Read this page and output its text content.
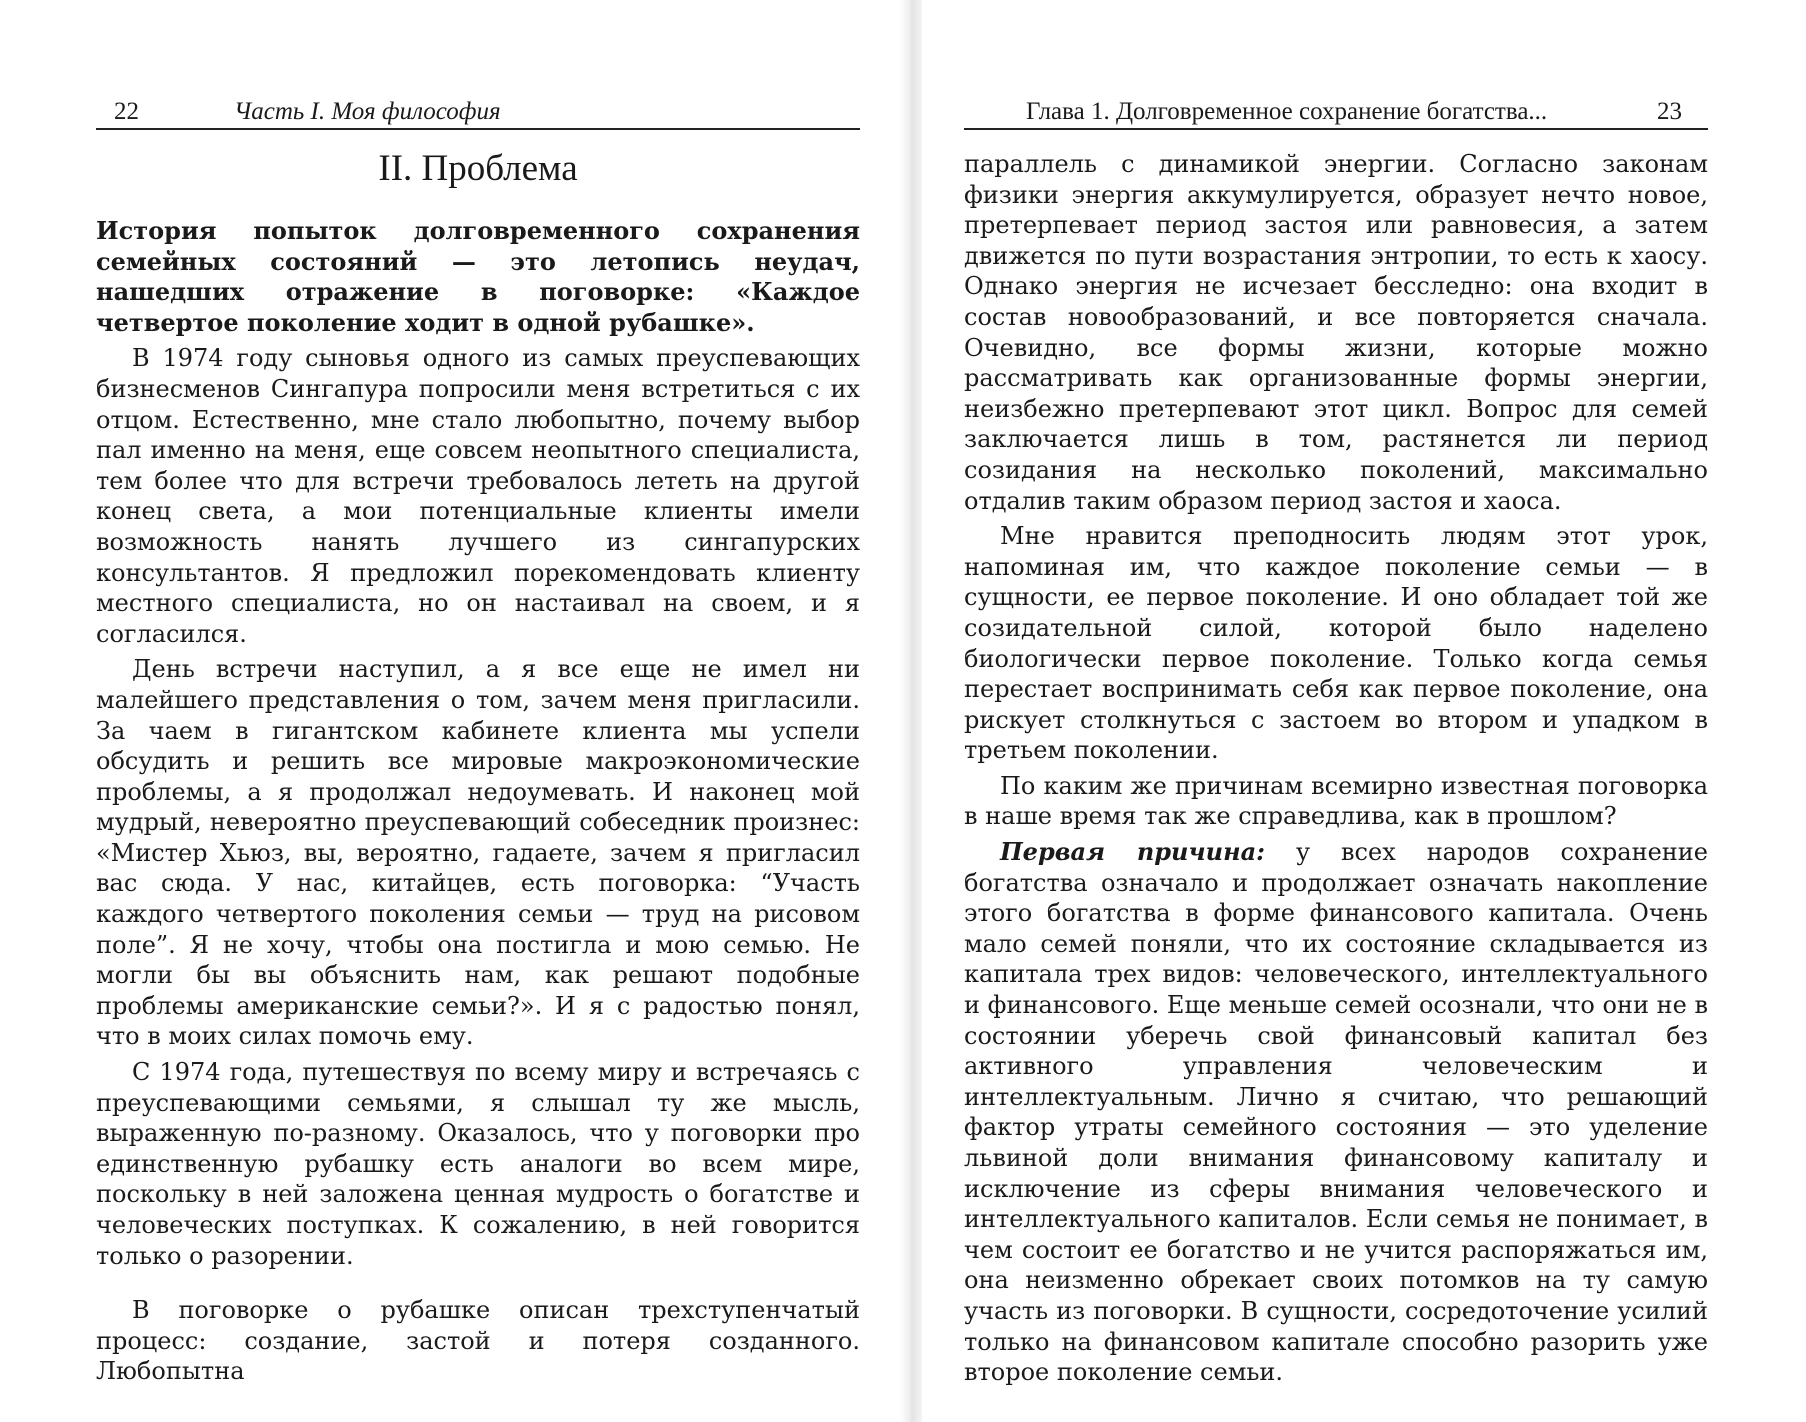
22	Часть I. Моя философия
II. Проблема
История попыток долговременного сохранения семейных состояний — это летопись неудач, нашедших отражение в поговорке: «Каждое четвертое поколение ходит в одной рубашке».

В 1974 году сыновья одного из самых преуспевающих бизнесменов Сингапура попросили меня встретиться с их отцом. Естественно, мне стало любопытно, почему выбор пал именно на меня, еще совсем неопытного специалиста, тем более что для встречи требовалось лететь на другой конец света, а мои потенциальные клиенты имели возможность нанять лучшего из сингапурских консультантов. Я предложил порекомендовать клиенту местного специалиста, но он настаивал на своем, и я согласился.

День встречи наступил, а я все еще не имел ни малейшего представления о том, зачем меня пригласили. За чаем в гигантском кабинете клиента мы успели обсудить и решить все мировые макроэкономические проблемы, а я продолжал недоумевать. И наконец мой мудрый, невероятно преуспевающий собеседник произнес: «Мистер Хьюз, вы, вероятно, гадаете, зачем я пригласил вас сюда. У нас, китайцев, есть поговорка: “Участь каждого четвертого поколения семьи — труд на рисовом поле”. Я не хочу, чтобы она постигла и мою семью. Не могли бы вы объяснить нам, как решают подобные проблемы американские семьи?». И я с радостью понял, что в моих силах помочь ему.

С 1974 года, путешествуя по всему миру и встречаясь с преуспевающими семьями, я слышал ту же мысль, выраженную по-разному. Оказалось, что у поговорки про единственную рубашку есть аналоги во всем мире, поскольку в ней заложена ценная мудрость о богатстве и человеческих поступках. К сожалению, в ней говорится только о разорении.

В поговорке о рубашке описан трехступенчатый процесс: создание, застой и потеря созданного. Любопытна

Глава 1. Долговременное сохранение богатства...	23

параллель с динамикой энергии. Согласно законам физики энергия аккумулируется, образует нечто новое, претерпевает период застоя или равновесия, а затем движется по пути возрастания энтропии, то есть к хаосу. Однако энергия не исчезает бесследно: она входит в состав новообразований, и все повторяется сначала. Очевидно, все формы жизни, которые можно рассматривать как организованные формы энергии, неизбежно претерпевают этот цикл. Вопрос для семей заключается лишь в том, растянется ли период созидания на несколько поколений, максимально отдалив таким образом период застоя и хаоса.

Мне нравится преподносить людям этот урок, напоминая им, что каждое поколение семьи — в сущности, ее первое поколение. И оно обладает той же созидательной силой, которой было наделено биологически первое поколение. Только когда семья перестает воспринимать себя как первое поколение, она рискует столкнуться с застоем во втором и упадком в третьем поколении.

По каким же причинам всемирно известная поговорка в наше время так же справедлива, как в прошлом?

Первая причина: у всех народов сохранение богатства означало и продолжает означать накопление этого богатства в форме финансового капитала. Очень мало семей поняли, что их состояние складывается из капитала трех видов: человеческого, интеллектуального и финансового. Еще меньше семей осознали, что они не в состоянии уберечь свой финансовый капитал без активного управления человеческим и интеллектуальным. Лично я считаю, что решающий фактор утраты семейного состояния — это уделение львиной доли внимания финансовому капиталу и исключение из сферы внимания человеческого и интеллектуального капиталов. Если семья не понимает, в чем состоит ее богатство и не учится распоряжаться им, она неизменно обрекает своих потомков на ту самую участь из поговорки. В сущности, сосредоточение усилий только на финансовом капитале способно разорить уже второе поколение семьи.
